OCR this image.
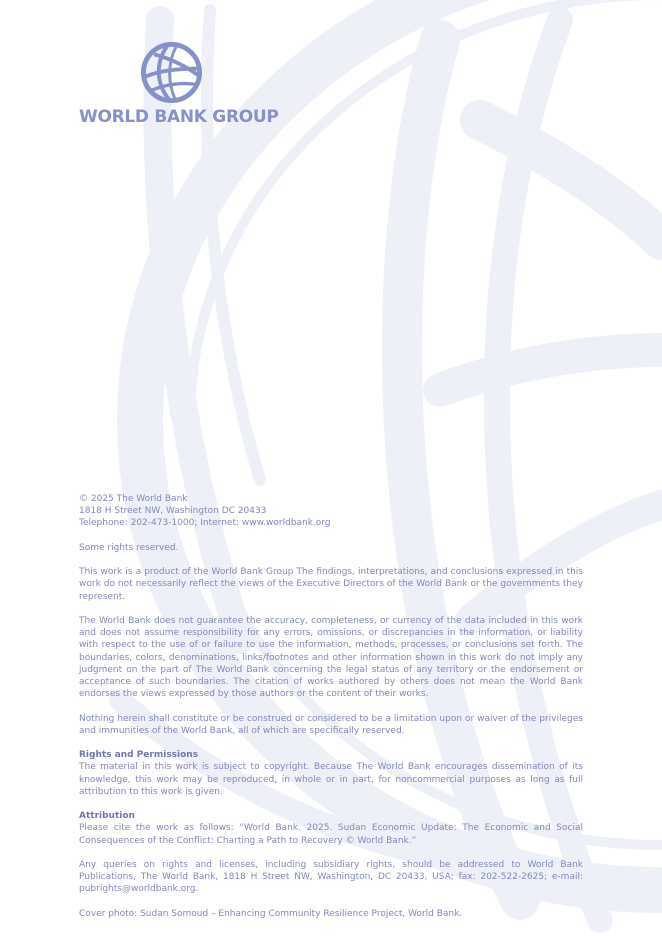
WORLD BANK GROUP

© 2025 The World Bank

1818 H Street NW, Washington DC 20433

Telephone: 202-473-1000; Internet: www.worldbank.org

Some rights reserved.

This work is a product of the World Bank Group The findings, interpretations, and conclusions expressed in this work do not necessarily reflect the views of the Executive Directors of the World Bank or the governments they represent.

The World Bank does not guarantee the accuracy, completeness, or currency of the data included in this work and does not assume responsibility for any errors, omissions, or discrepancies in the information, or liability with respect to the use of or failure to use the information, methods, processes, or conclusions set forth. The boundaries, colors, denominations, links/footnotes and other information shown in this work do not imply any judgment on the part of The World Bank concerning the legal status of any territory or the endorsement or acceptance of such boundaries. The citation of works authored by others does not mean the World Bank endorses the views expressed by those authors or the content of their works.

Nothing herein shall constitute or be construed or considered to be a limitation upon or waiver of the privileges and immunities of the World Bank, all of which are specifically reserved.

Rights and Permissions

The material in this work is subject to copyright. Because The World Bank encourages dissemination of its knowledge, this work may be reproduced, in whole or in part, for noncommercial purposes as long as full attribution to this work is given.

Attribution

Please cite the work as follows: “World Bank. 2025. Sudan Economic Update: The Economic and Social Consequences of the Conflict: Charting a Path to Recovery © World Bank.”

Any queries on rights and licenses, including subsidiary rights, should be addressed to World Bank Publications, The World Bank, 1818 H Street NW, Washington, DC 20433, USA; fax: 202-522-2625; e-mail: pubrights@worldbank.org.

Cover photo: Sudan Somoud – Enhancing Community Resilience Project, World Bank.
